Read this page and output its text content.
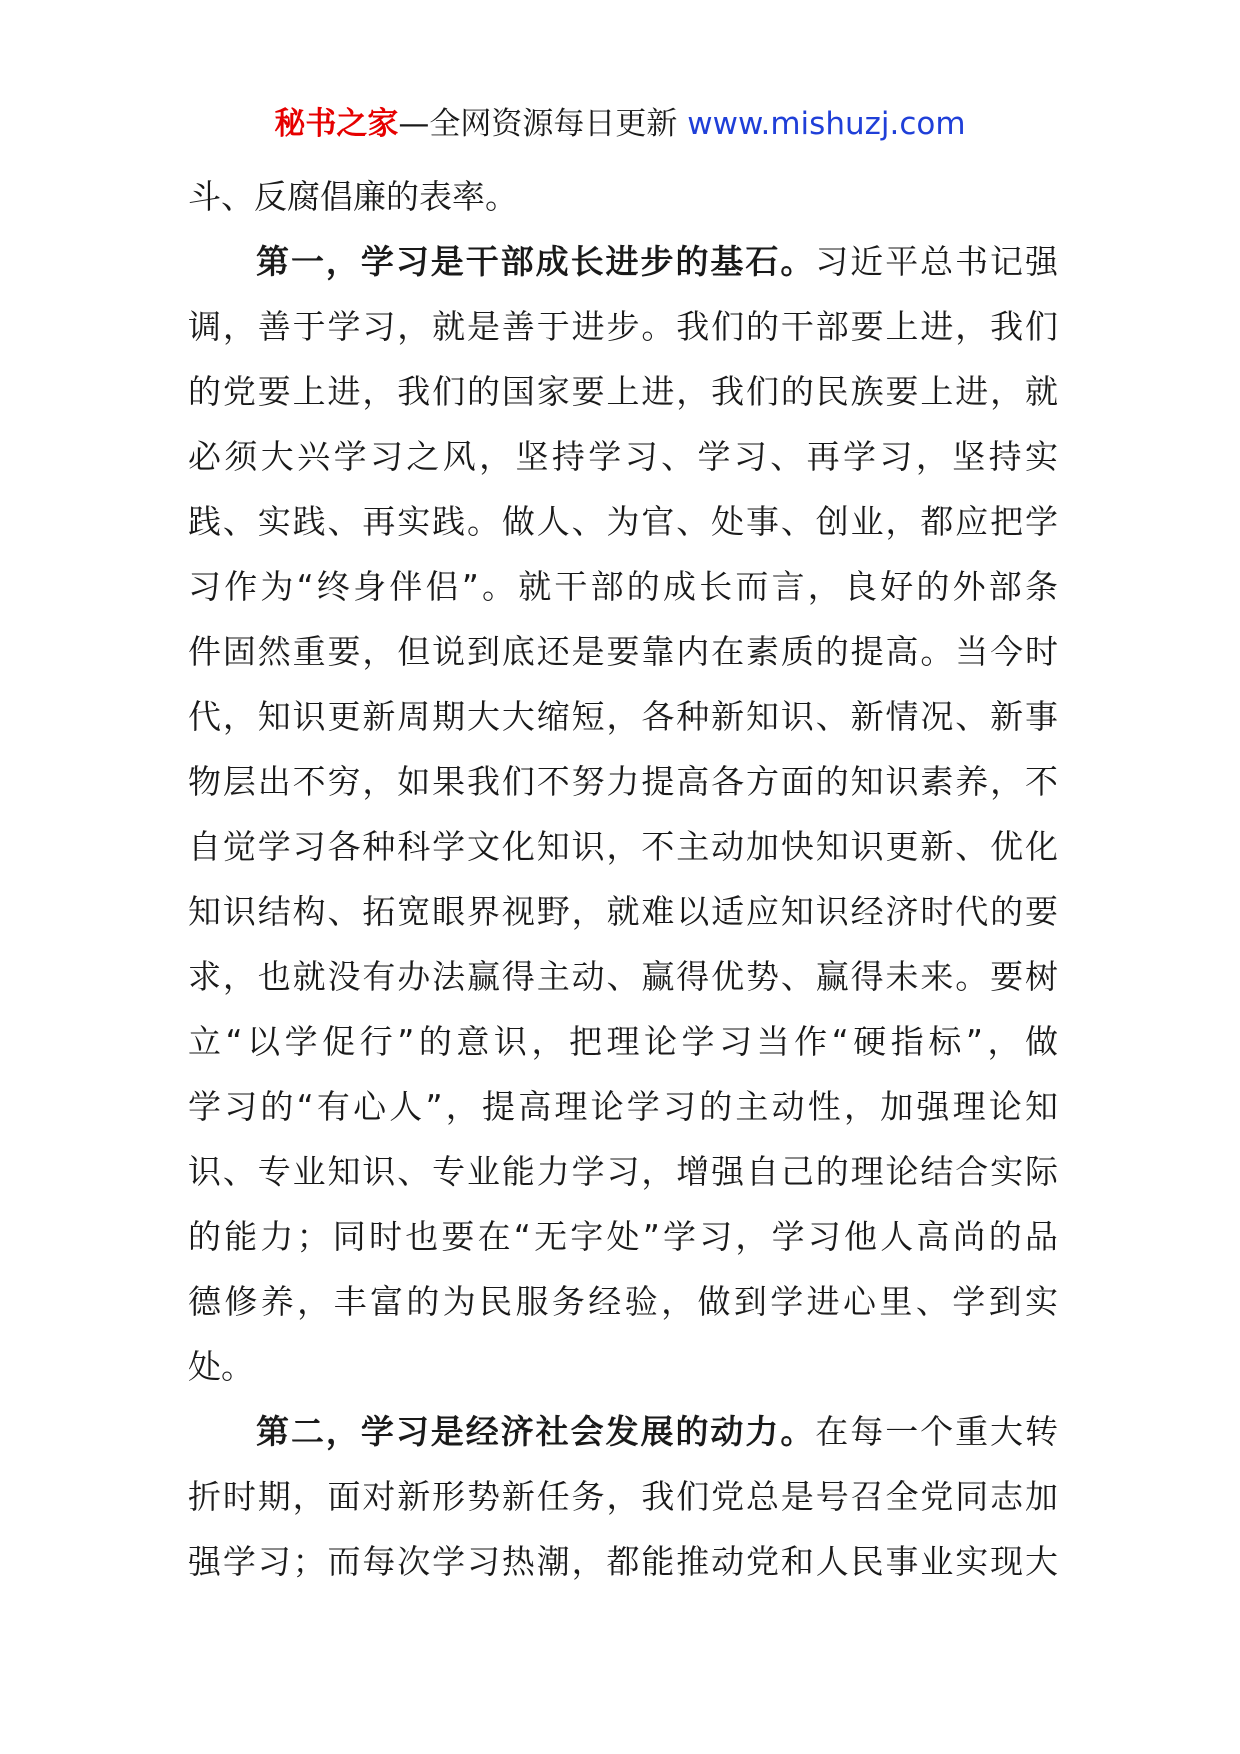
秘书之家—全网资源每日更新 www.mishuzj.com
斗、反腐倡廉的表率。
第一，学习是干部成长进步的基石。习近平总书记强
调，善于学习，就是善于进步。我们的干部要上进，我们
的党要上进，我们的国家要上进，我们的民族要上进，就
必须大兴学习之风，坚持学习、学习、再学习，坚持实
践、实践、再实践。做人、为官、处事、创业，都应把学
习作为“终身伴侣”。就干部的成长而言，良好的外部条
件固然重要，但说到底还是要靠内在素质的提高。当今时
代，知识更新周期大大缩短，各种新知识、新情况、新事
物层出不穷，如果我们不努力提高各方面的知识素养，不
自觉学习各种科学文化知识，不主动加快知识更新、优化
知识结构、拓宽眼界视野，就难以适应知识经济时代的要
求，也就没有办法赢得主动、赢得优势、赢得未来。要树
立“以学促行”的意识，把理论学习当作“硬指标”，做
学习的“有心人”，提高理论学习的主动性，加强理论知
识、专业知识、专业能力学习，增强自己的理论结合实际
的能力；同时也要在“无字处”学习，学习他人高尚的品
德修养，丰富的为民服务经验，做到学进心里、学到实
处。
第二，学习是经济社会发展的动力。在每一个重大转
折时期，面对新形势新任务，我们党总是号召全党同志加
强学习；而每次学习热潮，都能推动党和人民事业实现大
